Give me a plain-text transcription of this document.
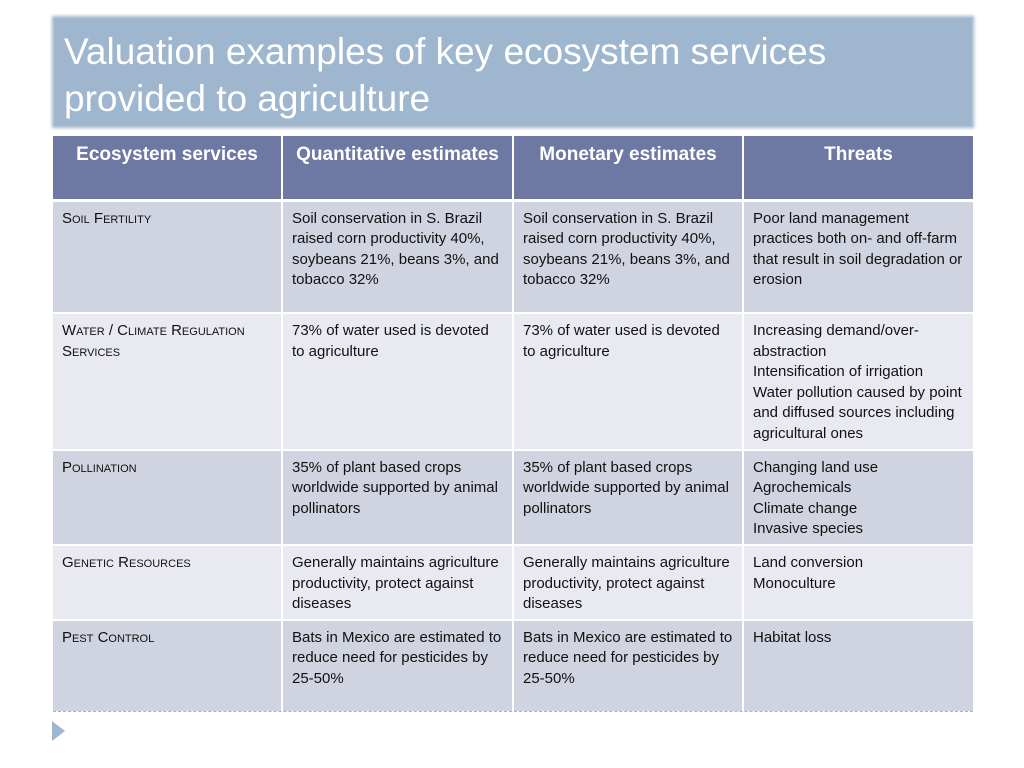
Valuation examples of key ecosystem services provided to agriculture
Ecosystem services	Quantitative estimates	Monetary estimates	Threats
Soil Fertility	Soil conservation in S. Brazil raised corn productivity 40%, soybeans 21%, beans 3%, and tobacco 32%	Soil conservation in S. Brazil raised corn productivity 40%, soybeans 21%, beans 3%, and tobacco 32%	Poor land management practices both on- and off-farm that result in soil degradation or erosion

Water / Climate Regulation Services	73% of water used is devoted to agriculture	73% of water used is devoted to agriculture	Increasing demand/over-abstraction
Intensification of irrigation
Water pollution caused by point and diffused sources including agricultural ones

Pollination	35% of plant based crops worldwide supported by animal pollinators	35% of plant based crops worldwide supported by animal pollinators	Changing land use
Agrochemicals
Climate change
Invasive species

Genetic Resources	Generally maintains agriculture productivity, protect against diseases	Generally maintains agriculture productivity, protect against diseases	Land conversion
Monoculture

Pest Control	Bats in Mexico are estimated to reduce need for pesticides by 25-50%	Bats in Mexico are estimated to reduce need for pesticides by 25-50%	Habitat loss
